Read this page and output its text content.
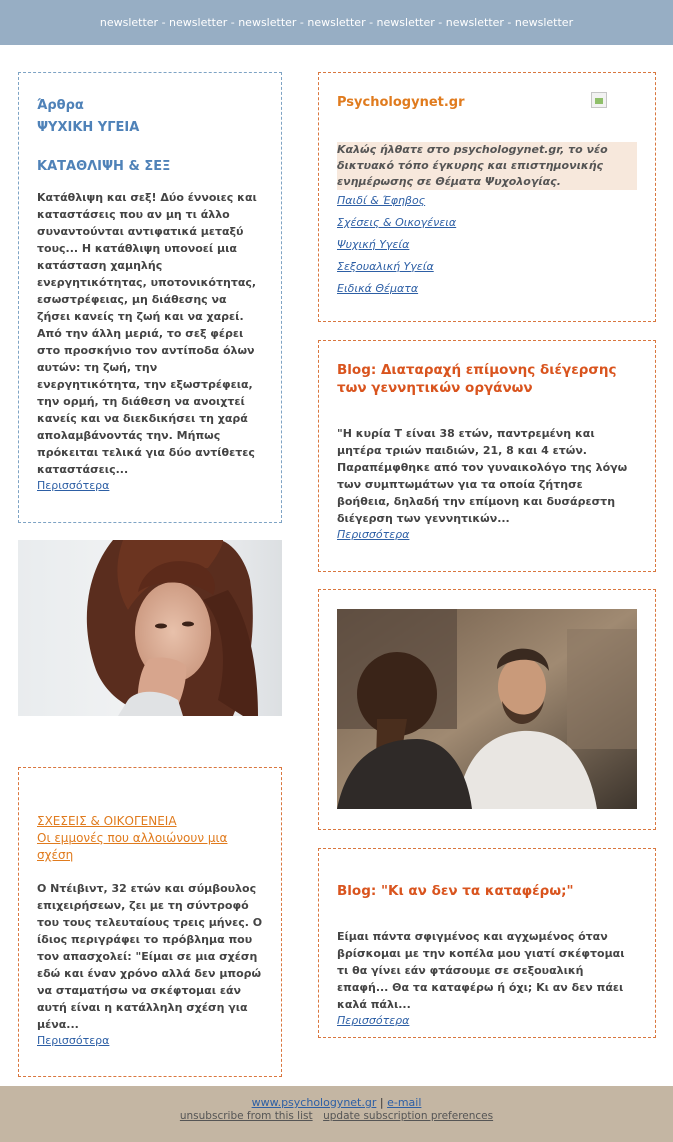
newsletter - newsletter - newsletter - newsletter - newsletter - newsletter - newsletter
Άρθρα
ΨΥΧΙΚΗ ΥΓΕΙΑ
ΚΑΤΑΘΛΙΨΗ & ΣΕΞ
Κατάθλιψη και σεξ! Δύο έννοιες και καταστάσεις που αν μη τι άλλο συναντούνται αντιφατικά μεταξύ τους... Η κατάθλιψη υπονοεί μια κατάσταση χαμηλής ενεργητικότητας, υποτονικότητας, εσωστρέφειας, μη διάθεσης να ζήσει κανείς τη ζωή και να χαρεί. Από την άλλη μεριά, το σεξ φέρει στο προσκήνιο τον αντίποδα όλων αυτών: τη ζωή, την ενεργητικότητα, την εξωστρέφεια, την ορμή, τη διάθεση να ανοιχτεί κανείς και να διεκδικήσει τη χαρά απολαμβάνοντάς την. Μήπως πρόκειται τελικά για δύο αντίθετες καταστάσεις...
Περισσότερα
ΣΧΕΣΕΙΣ & ΟΙΚΟΓΕΝΕΙΑ
Οι εμμονές που αλλοιώνουν μια σχέση
Ο Ντέιβιντ, 32 ετών και σύμβουλος επιχειρήσεων, ζει με τη σύντροφό του τους τελευταίους τρεις μήνες. Ο ίδιος περιγράφει το πρόβλημα που τον απασχολεί: "Είμαι σε μια σχέση εδώ και έναν χρόνο αλλά δεν μπορώ να σταματήσω να σκέφτομαι εάν αυτή είναι η κατάλληλη σχέση για μένα...
Περισσότερα
Psychologynet.gr
Καλώς ήλθατε στο psychologynet.gr, το νέο δικτυακό τόπο έγκυρης και επιστημονικής ενημέρωσης σε Θέματα Ψυχολογίας.
Παιδί & Έφηβος
Σχέσεις & Οικογένεια
Ψυχική Υγεία
Σεξουαλική Υγεία
Ειδικά Θέματα
Blog: Διαταραχή επίμονης διέγερσης των γεννητικών οργάνων
"Η κυρία Τ είναι 38 ετών, παντρεμένη και μητέρα τριών παιδιών, 21, 8 και 4 ετών. Παραπέμφθηκε από τον γυναικολόγο της λόγω των συμπτωμάτων για τα οποία ζήτησε βοήθεια, δηλαδή την επίμονη και δυσάρεστη διέγερση των γεννητικών...
Περισσότερα
Blog: "Κι αν δεν τα καταφέρω;"
Είμαι πάντα σφιγμένος και αγχωμένος όταν βρίσκομαι με την κοπέλα μου γιατί σκέφτομαι τι θα γίνει εάν φτάσουμε σε σεξουαλική επαφή... Θα τα καταφέρω ή όχι; Κι αν δεν πάει καλά πάλι...
Περισσότερα
www.psychologynet.gr | e-mail
unsubscribe from this list update subscription preferences
